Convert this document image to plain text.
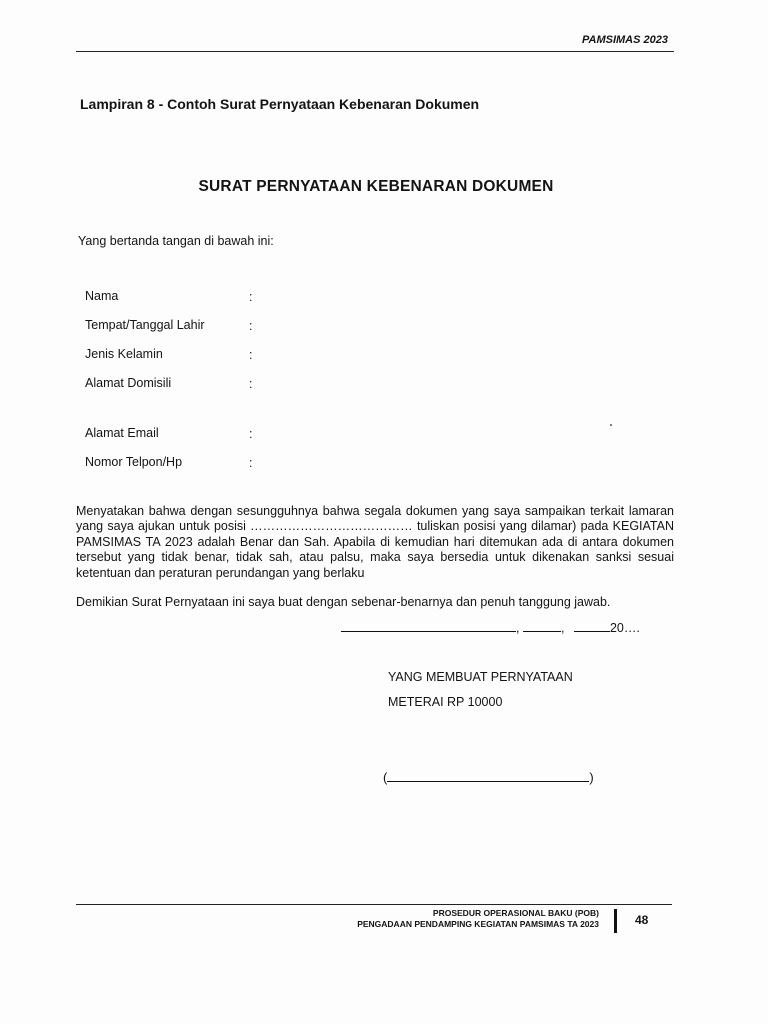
PAMSIMAS 2023
Lampiran 8 - Contoh Surat Pernyataan Kebenaran Dokumen
SURAT PERNYATAAN KEBENARAN DOKUMEN
Yang bertanda tangan di bawah ini:
Nama	:
Tempat/Tanggal Lahir	:
Jenis Kelamin	:
Alamat Domisili	:
Alamat Email	:
Nomor Telpon/Hp	:
Menyatakan bahwa dengan sesungguhnya bahwa segala dokumen yang saya sampaikan terkait lamaran yang saya ajukan untuk posisi ………………………………… tuliskan posisi yang dilamar) pada KEGIATAN PAMSIMAS TA 2023 adalah Benar dan Sah. Apabila di kemudian hari ditemukan ada di antara dokumen tersebut yang tidak benar, tidak sah, atau palsu, maka saya bersedia untuk dikenakan sanksi sesuai ketentuan dan peraturan perundangan yang berlaku
Demikian Surat Pernyataan ini saya buat dengan sebenar-benarnya dan penuh tanggung jawab.
,	,	20….
YANG MEMBUAT PERNYATAAN
METERAI RP 10000
(	)
PROSEDUR OPERASIONAL BAKU (POB)
PENGADAAN PENDAMPING KEGIATAN PAMSIMAS TA 2023	48
